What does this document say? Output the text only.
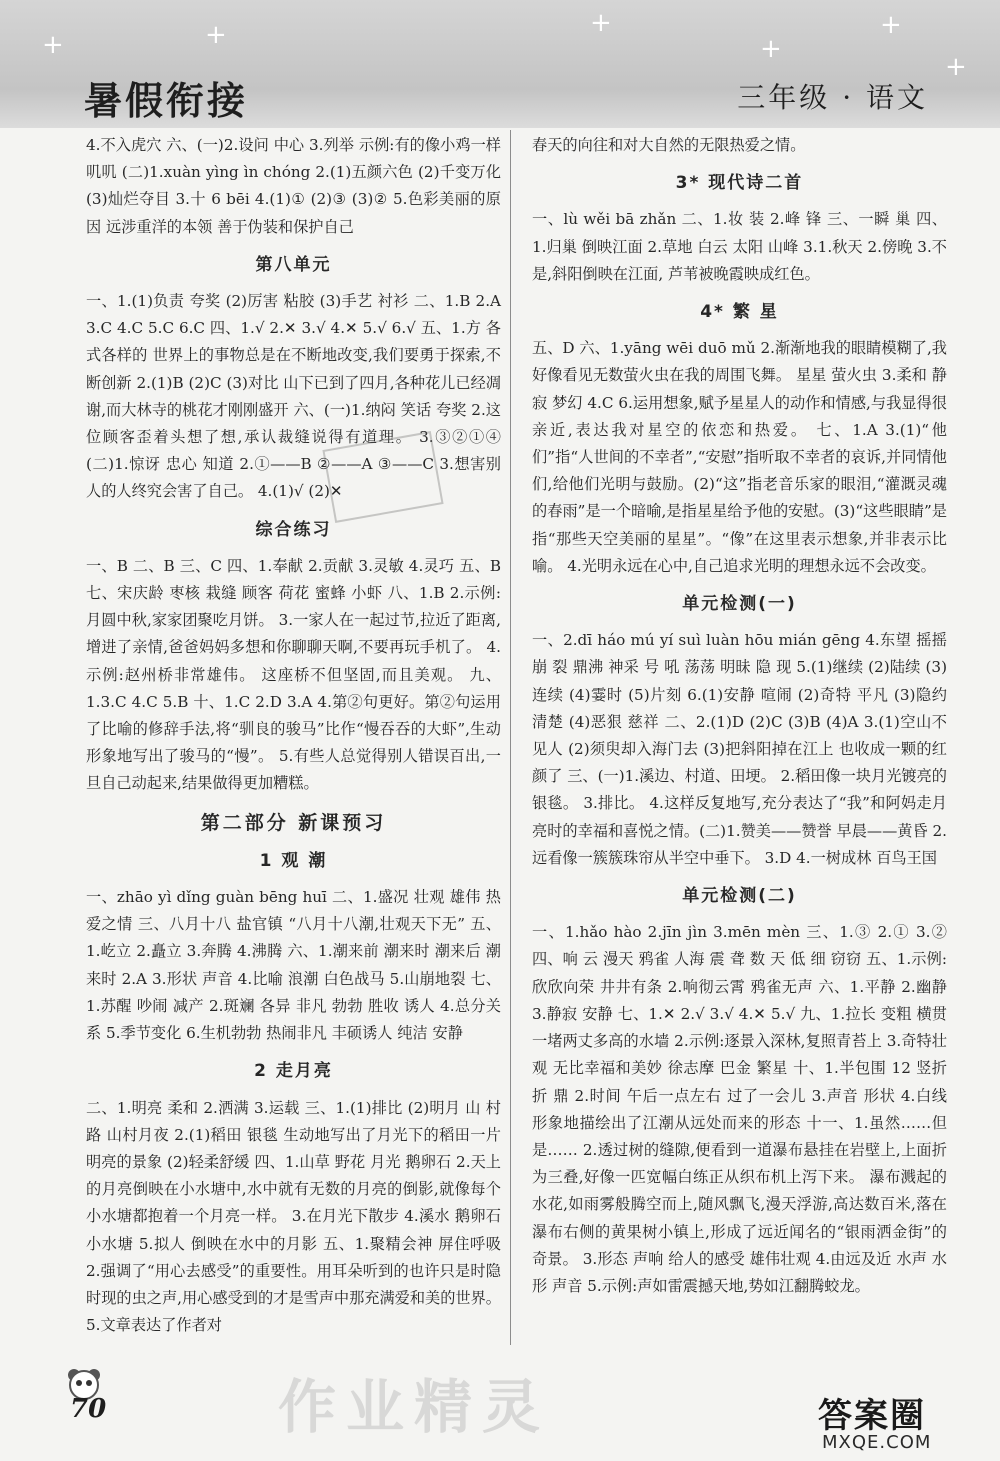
+	+	+
+
+
+
暑假衔接	三年级 · 语文

4.不入虎穴 六、(一)2.设问 中心 3.列举 示例:有的像小鸡一样叽叽 (二)1.xuàn yìng ìn chóng 2.(1)五颜六色 (2)千变万化 (3)灿烂夺目 3.十 6 bēi 4.(1)① (2)③ (3)② 5.色彩美丽的原因 远涉重洋的本领 善于伪装和保护自己

第八单元

一、1.(1)负责 夸奖 (2)厉害 粘胶 (3)手艺 衬衫 二、1.B 2.A 3.C 4.C 5.C 6.C 四、1.√ 2.✕ 3.√ 4.✕ 5.√ 6.√ 五、1.方 各式各样的 世界上的事物总是在不断地改变,我们要勇于探索,不断创新 2.(1)B (2)C (3)对比 山下已到了四月,各种花儿已经凋谢,而大林寺的桃花才刚刚盛开 六、(一)1.纳闷 笑话 夸奖 2.这位顾客歪着头想了想,承认裁缝说得有道理。 3.③②①④ (二)1.惊讶 忠心 知道 2.①——B ②——A ③——C 3.想害别人的人终究会害了自己。 4.(1)√ (2)✕

综合练习

一、B 二、B 三、C 四、1.奉献 2.贡献 3.灵敏 4.灵巧 五、B 七、宋庆龄 枣核 栽缝 顾客 荷花 蜜蜂 小虾 八、1.B 2.示例:月圆中秋,家家团聚吃月饼。 3.一家人在一起过节,拉近了距离,增进了亲情,爸爸妈妈多想和你聊聊天啊,不要再玩手机了。 4.示例:赵州桥非常雄伟。 这座桥不但坚固,而且美观。 九、1.3.C 4.C 5.B 十、1.C 2.D 3.A 4.第②句更好。第②句运用了比喻的修辞手法,将“驯良的骏马”比作“慢吞吞的大虾”,生动形象地写出了骏马的“慢”。 5.有些人总觉得别人错误百出,一旦自己动起来,结果做得更加糟糕。

第二部分 新课预习
1 观 潮

一、zhāo yì dǐng guàn bēng huī 二、1.盛况 壮观 雄伟 热爱之情 三、八月十八 盐官镇 “八月十八潮,壮观天下无” 五、1.屹立 2.矗立 3.奔腾 4.沸腾 六、1.潮来前 潮来时 潮来后 潮来时 2.A 3.形状 声音 4.比喻 浪潮 白色战马 5.山崩地裂 七、1.苏醒 吵闹 减产 2.斑斓 各异 非凡 勃勃 胜收 诱人 4.总分关系 5.季节变化 6.生机勃勃 热闹非凡 丰硕诱人 纯洁 安静

2 走月亮

二、1.明亮 柔和 2.洒满 3.运载 三、1.(1)排比 (2)明月 山 村 路 山村月夜 2.(1)稻田 银毯 生动地写出了月光下的稻田一片明亮的景象 (2)轻柔舒缓 四、1.山草 野花 月光 鹅卵石 2.天上的月亮倒映在小水塘中,水中就有无数的月亮的倒影,就像每个小水塘都抱着一个月亮一样。 3.在月光下散步 4.溪水 鹅卵石 小水塘 5.拟人 倒映在水中的月影 五、1.聚精会神 屏住呼吸 2.强调了“用心去感受”的重要性。用耳朵听到的也许只是时隐时现的虫之声,用心感受到的才是雪声中那充满爱和美的世界。 5.文章表达了作者对

春天的向往和对大自然的无限热爱之情。

3* 现代诗二首

一、lù wěi bā zhǎn 二、1.妆 装 2.峰 锋 三、一瞬 巢 四、1.归巢 倒映江面 2.草地 白云 太阳 山峰 3.1.秋天 2.傍晚 3.不是,斜阳倒映在江面, 芦苇被晚霞映成红色。

4* 繁 星

五、D 六、1.yāng wēi duō mǔ 2.渐渐地我的眼睛模糊了,我好像看见无数萤火虫在我的周围飞舞。 星星 萤火虫 3.柔和 静寂 梦幻 4.C 6.运用想象,赋予星星人的动作和情感,与我显得很亲近,表达我对星空的依恋和热爱。 七、1.A 3.(1)“他们”指“人世间的不幸者”,“安慰”指听取不幸者的哀诉,并同情他们,给他们光明与鼓励。(2)“这”指老音乐家的眼泪,“灌溉灵魂的春雨”是一个暗喻,是指星星给予他的安慰。(3)“这些眼睛”是指“那些天空美丽的星星”。“像”在这里表示想象,并非表示比喻。 4.光明永远在心中,自己追求光明的理想永远不会改变。

单元检测(一)

一、2.dī háo mú yí suì luàn hōu mián gēng 4.东望 摇摇 崩 裂 鼎沸 神采 号 吼 荡荡 明昧 隐 现 5.(1)继续 (2)陆续 (3)连续 (4)霎时 (5)片刻 6.(1)安静 喧闹 (2)奇特 平凡 (3)隐约 清楚 (4)恶狠 慈祥 二、2.(1)D (2)C (3)B (4)A 3.(1)空山不见人 (2)须臾却入海门去 (3)把斜阳掉在江上 也收成一颗的红颜了 三、(一)1.溪边、村道、田埂。 2.稻田像一块月光镀亮的银毯。 3.排比。 4.这样反复地写,充分表达了“我”和阿妈走月亮时的幸福和喜悦之情。(二)1.赞美——赞誉 早晨——黄昏 2.远看像一簇簇珠帘从半空中垂下。 3.D 4.一树成林 百鸟王国

单元检测(二)

一、1.hǎo hào 2.jīn jìn 3.mēn mèn 三、1.③ 2.① 3.② 四、响 云 漫天 鸦雀 人海 震 聋 数 天 低 细 窃窃 五、1.示例:欣欣向荣 井井有条 2.响彻云霄 鸦雀无声 六、1.平静 2.幽静 3.静寂 安静 七、1.✕ 2.√ 3.√ 4.✕ 5.√ 九、1.拉长 变粗 横贯 一堵两丈多高的水墙 2.示例:逐景入深林,复照青苔上 3.奇特壮观 无比幸福和美妙 徐志摩 巴金 繁星 十、1.半包围 12 竖折折 鼎 2.时间 午后一点左右 过了一会儿 3.声音 形状 4.白线 形象地描绘出了江潮从远处而来的形态 十一、1.虽然……但是…… 2.透过树的缝隙,便看到一道瀑布悬挂在岩壁上,上面折为三叠,好像一匹宽幅白练正从织布机上泻下来。 瀑布溅起的水花,如雨雾般腾空而上,随风飘飞,漫天浮游,高达数百米,落在瀑布右侧的黄果树小镇上,形成了远近闻名的“银雨洒金街”的奇景。 3.形态 声响 给人的感受 雄伟壮观 4.由远及近 水声 水形 声音 5.示例:声如雷震撼天地,势如江翻腾蛟龙。

70	作业精灵	答案圈
MXQE.COM
